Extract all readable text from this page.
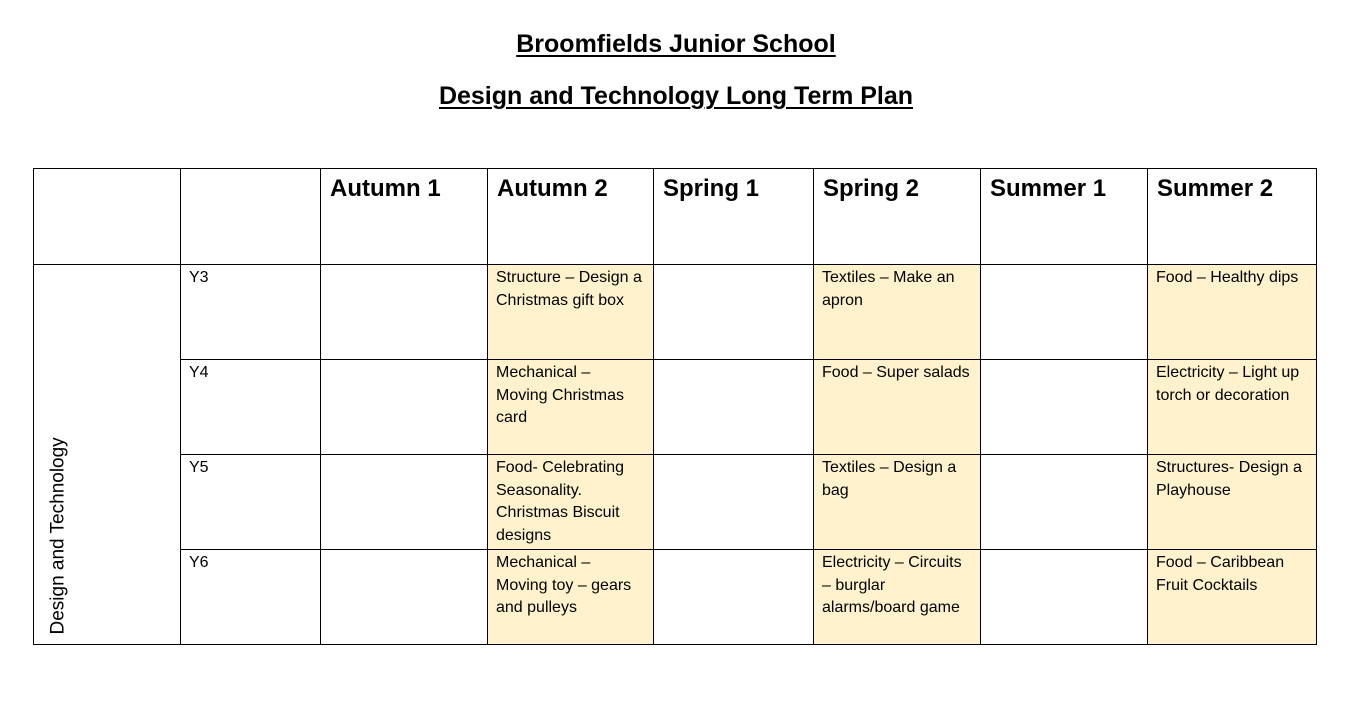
Broomfields Junior School
Design and Technology Long Term Plan
		Autumn 1	Autumn 2	Spring 1	Spring 2	Summer 1	Summer 2

Design and Technology	Y3		Structure – Design a Christmas gift box		Textiles – Make an apron		Food – Healthy dips
	Y4		Mechanical – Moving Christmas card		Food – Super salads		Electricity – Light up torch or decoration
	Y5		Food- Celebrating Seasonality. Christmas Biscuit designs		Textiles – Design a bag		Structures- Design a Playhouse
	Y6		Mechanical – Moving toy – gears and pulleys		Electricity – Circuits – burglar alarms/board game		Food – Caribbean Fruit Cocktails
